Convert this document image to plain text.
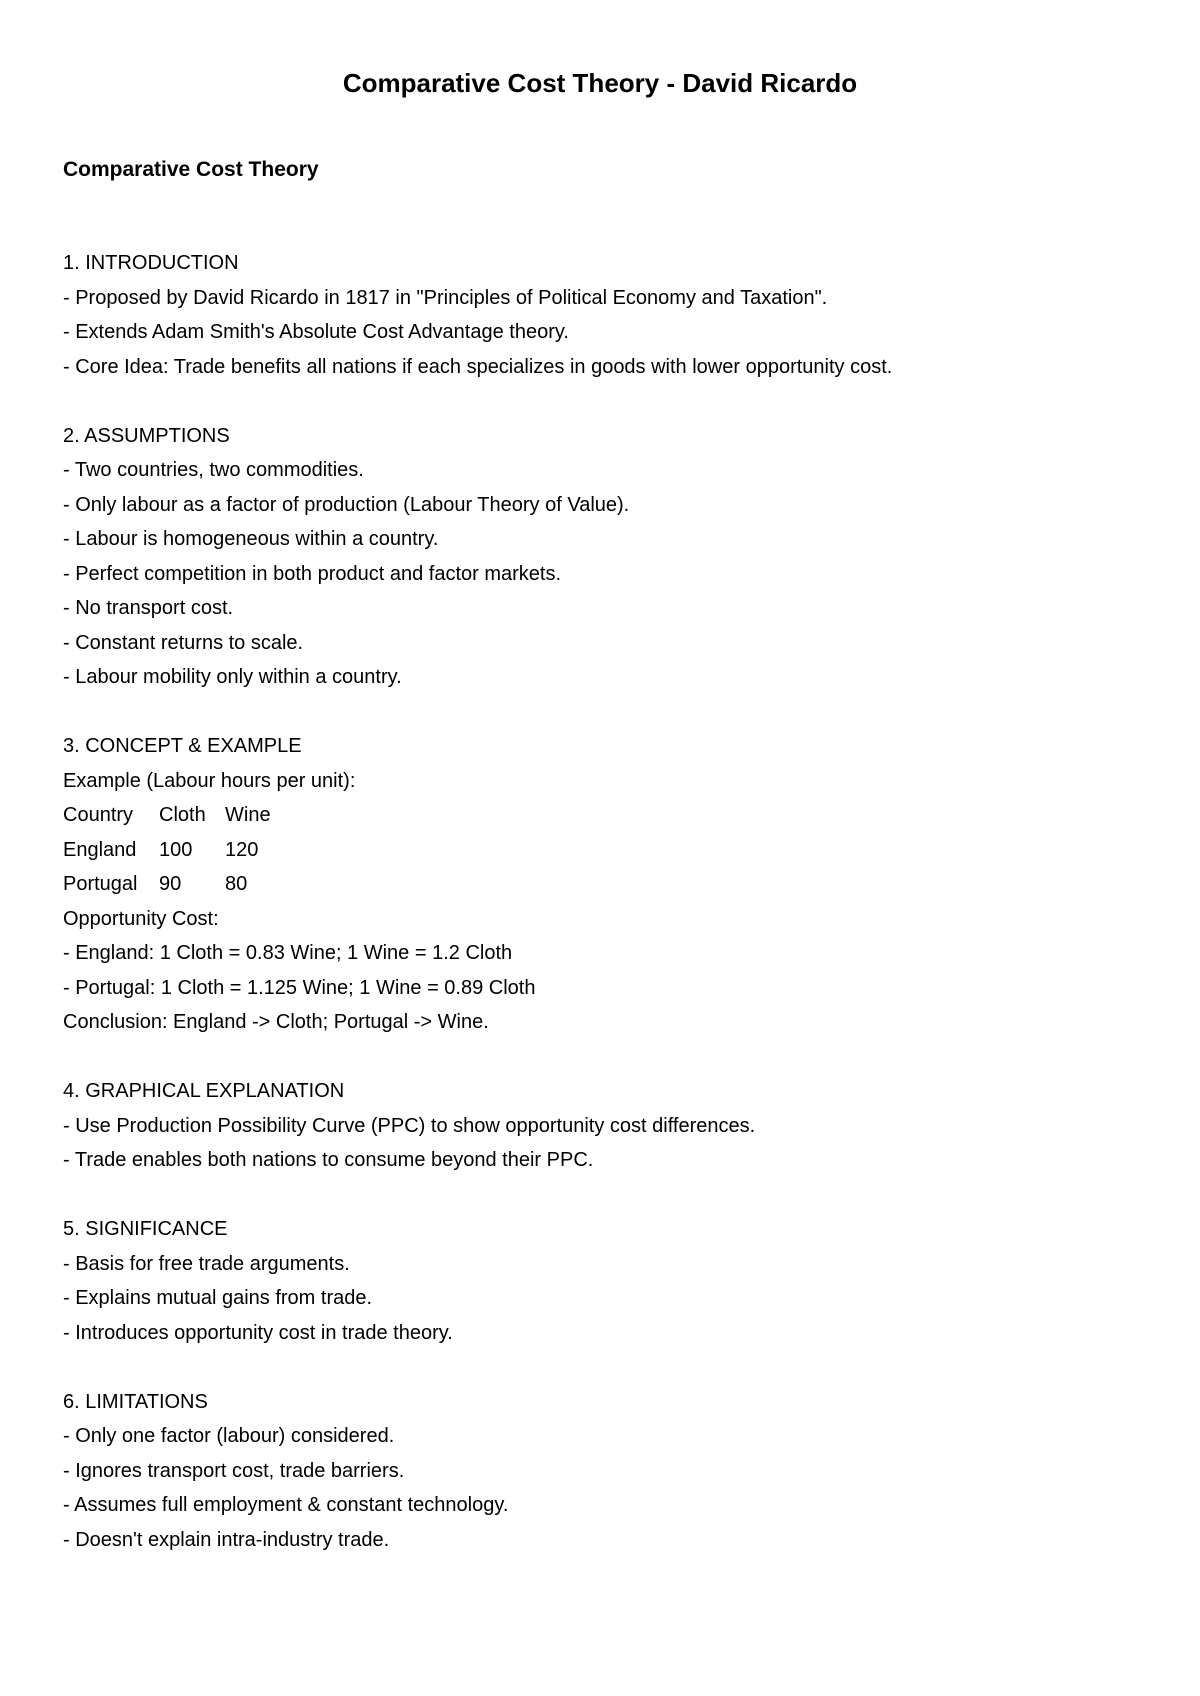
Comparative Cost Theory - David Ricardo
Comparative Cost Theory
1. INTRODUCTION
- Proposed by David Ricardo in 1817 in "Principles of Political Economy and Taxation".
- Extends Adam Smith's Absolute Cost Advantage theory.
- Core Idea: Trade benefits all nations if each specializes in goods with lower opportunity cost.
2. ASSUMPTIONS
- Two countries, two commodities.
- Only labour as a factor of production (Labour Theory of Value).
- Labour is homogeneous within a country.
- Perfect competition in both product and factor markets.
- No transport cost.
- Constant returns to scale.
- Labour mobility only within a country.
3. CONCEPT & EXAMPLE
Example (Labour hours per unit):

Country

Cloth

Wine

England

100

120

Portugal

90

80

Opportunity Cost:
- England: 1 Cloth = 0.83 Wine; 1 Wine = 1.2 Cloth
- Portugal: 1 Cloth = 1.125 Wine; 1 Wine = 0.89 Cloth
Conclusion: England -> Cloth; Portugal -> Wine.
4. GRAPHICAL EXPLANATION
- Use Production Possibility Curve (PPC) to show opportunity cost differences.
- Trade enables both nations to consume beyond their PPC.
5. SIGNIFICANCE
- Basis for free trade arguments.
- Explains mutual gains from trade.
- Introduces opportunity cost in trade theory.
6. LIMITATIONS
- Only one factor (labour) considered.
- Ignores transport cost, trade barriers.
- Assumes full employment & constant technology.
- Doesn't explain intra-industry trade.
